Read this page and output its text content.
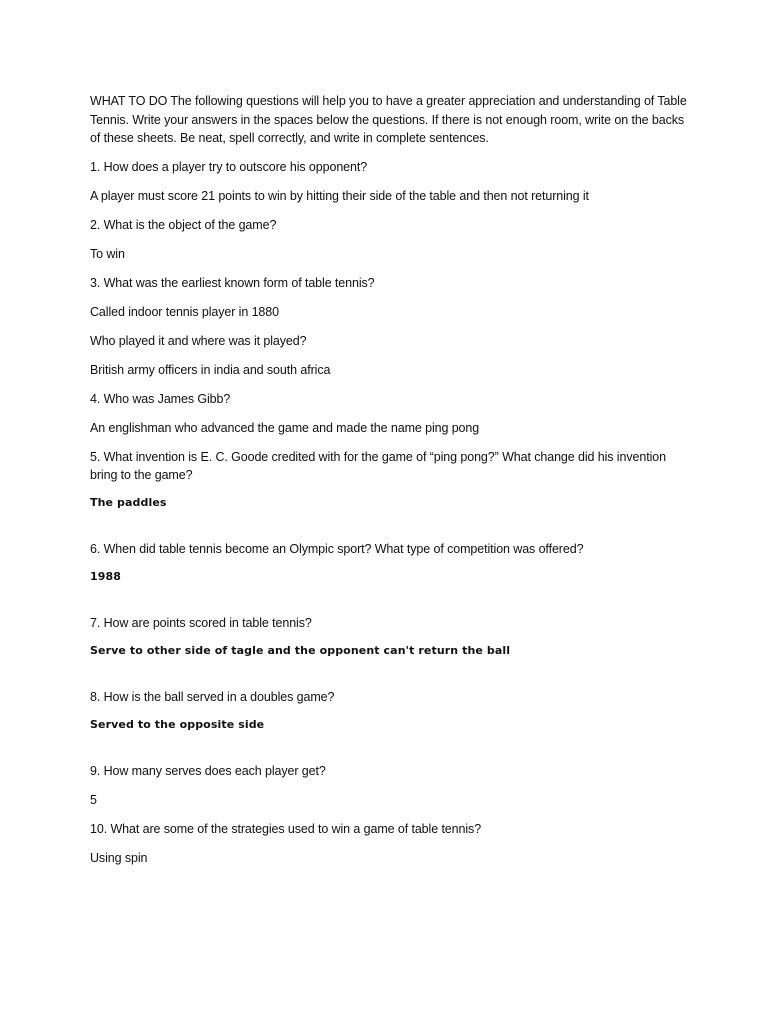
WHAT TO DO The following questions will help you to have a greater appreciation and understanding of Table Tennis. Write your answers in the spaces below the questions. If there is not enough room, write on the backs of these sheets. Be neat, spell correctly, and write in complete sentences.

1. How does a player try to outscore his opponent?

A player must score 21 points to win by hitting their side of the table and then not returning it

2. What is the object of the game?

To win

3. What was the earliest known form of table tennis?

Called indoor tennis player in 1880

Who played it and where was it played?

British army officers in india and south africa

4. Who was James Gibb?

An englishman who advanced the game and made the name ping pong

5. What invention is E. C. Goode credited with for the game of “ping pong?” What change did his invention bring to the game?

The paddles

6. When did table tennis become an Olympic sport? What type of competition was offered?

1988

7. How are points scored in table tennis?

Serve to other side of tagle and the opponent can't return the ball

8. How is the ball served in a doubles game?

Served to the opposite side

9. How many serves does each player get?

5

10. What are some of the strategies used to win a game of table tennis?

Using spin
